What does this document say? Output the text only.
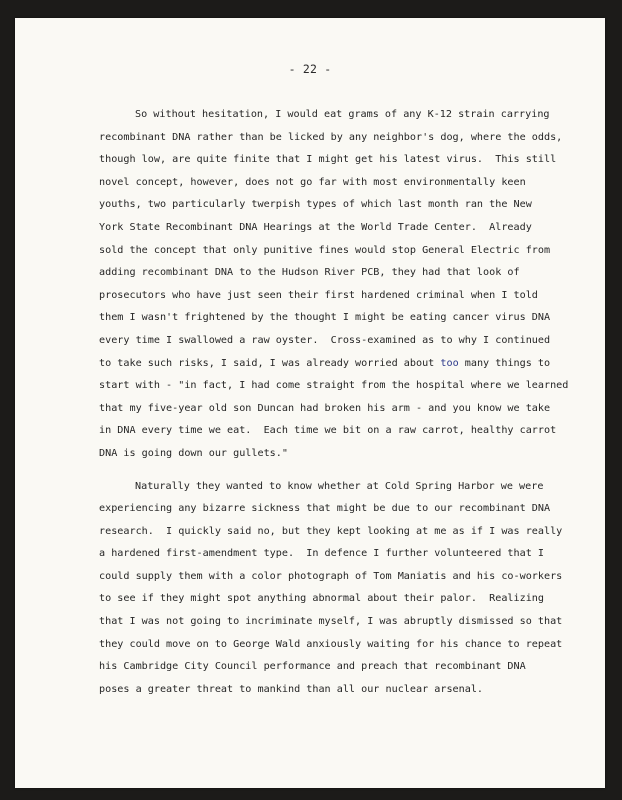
- 22 -
So without hesitation, I would eat grams of any K-12 strain carrying
recombinant DNA rather than be licked by any neighbor's dog, where the odds,
though low, are quite finite that I might get his latest virus.  This still
novel concept, however, does not go far with most environmentally keen
youths, two particularly twerpish types of which last month ran the New
York State Recombinant DNA Hearings at the World Trade Center.  Already
sold the concept that only punitive fines would stop General Electric from
adding recombinant DNA to the Hudson River PCB, they had that look of
prosecutors who have just seen their first hardened criminal when I told
them I wasn't frightened by the thought I might be eating cancer virus DNA
every time I swallowed a raw oyster.  Cross-examined as to why I continued
to take such risks, I said, I was already worried about too many things to
start with - "in fact, I had come straight from the hospital where we learned
that my five-year old son Duncan had broken his arm - and you know we take
in DNA every time we eat.  Each time we bit on a raw carrot, healthy carrot
DNA is going down our gullets."
Naturally they wanted to know whether at Cold Spring Harbor we were
experiencing any bizarre sickness that might be due to our recombinant DNA
research.  I quickly said no, but they kept looking at me as if I was really
a hardened first-amendment type.  In defence I further volunteered that I
could supply them with a color photograph of Tom Maniatis and his co-workers
to see if they might spot anything abnormal about their palor.  Realizing
that I was not going to incriminate myself, I was abruptly dismissed so that
they could move on to George Wald anxiously waiting for his chance to repeat
his Cambridge City Council performance and preach that recombinant DNA
poses a greater threat to mankind than all our nuclear arsenal.
